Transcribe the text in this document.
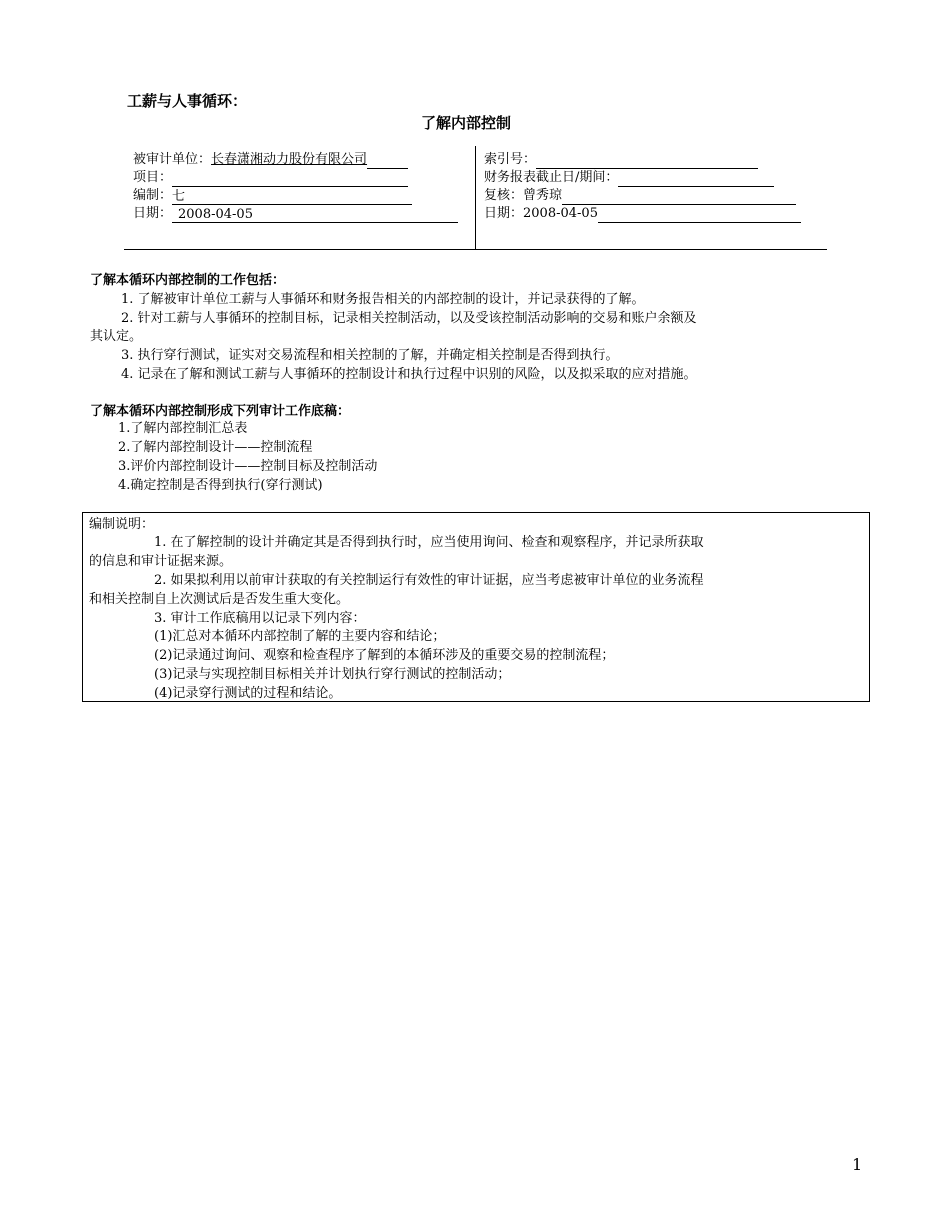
工薪与人事循环：
了解内部控制
被审计单位：长春潇湘动力股份有限公司
项目：
编制：七
日期： 2008-04-05
索引号：
财务报表截止日/期间：
复核：曾秀琼
日期：2008-04-05
了解本循环内部控制的工作包括：
1. 了解被审计单位工薪与人事循环和财务报告相关的内部控制的设计，并记录获得的了解。
2. 针对工薪与人事循环的控制目标，记录相关控制活动，以及受该控制活动影响的交易和账户余额及
其认定。
3. 执行穿行测试，证实对交易流程和相关控制的了解，并确定相关控制是否得到执行。
4. 记录在了解和测试工薪与人事循环的控制设计和执行过程中识别的风险，以及拟采取的应对措施。
了解本循环内部控制形成下列审计工作底稿：
1.了解内部控制汇总表
2.了解内部控制设计——控制流程
3.评价内部控制设计——控制目标及控制活动
4.确定控制是否得到执行(穿行测试)
编制说明：
1. 在了解控制的设计并确定其是否得到执行时，应当使用询问、检查和观察程序，并记录所获取
的信息和审计证据来源。
2. 如果拟利用以前审计获取的有关控制运行有效性的审计证据，应当考虑被审计单位的业务流程
和相关控制自上次测试后是否发生重大变化。
3. 审计工作底稿用以记录下列内容：
(1)汇总对本循环内部控制了解的主要内容和结论；
(2)记录通过询问、观察和检查程序了解到的本循环涉及的重要交易的控制流程；
(3)记录与实现控制目标相关并计划执行穿行测试的控制活动；
(4)记录穿行测试的过程和结论。
1
